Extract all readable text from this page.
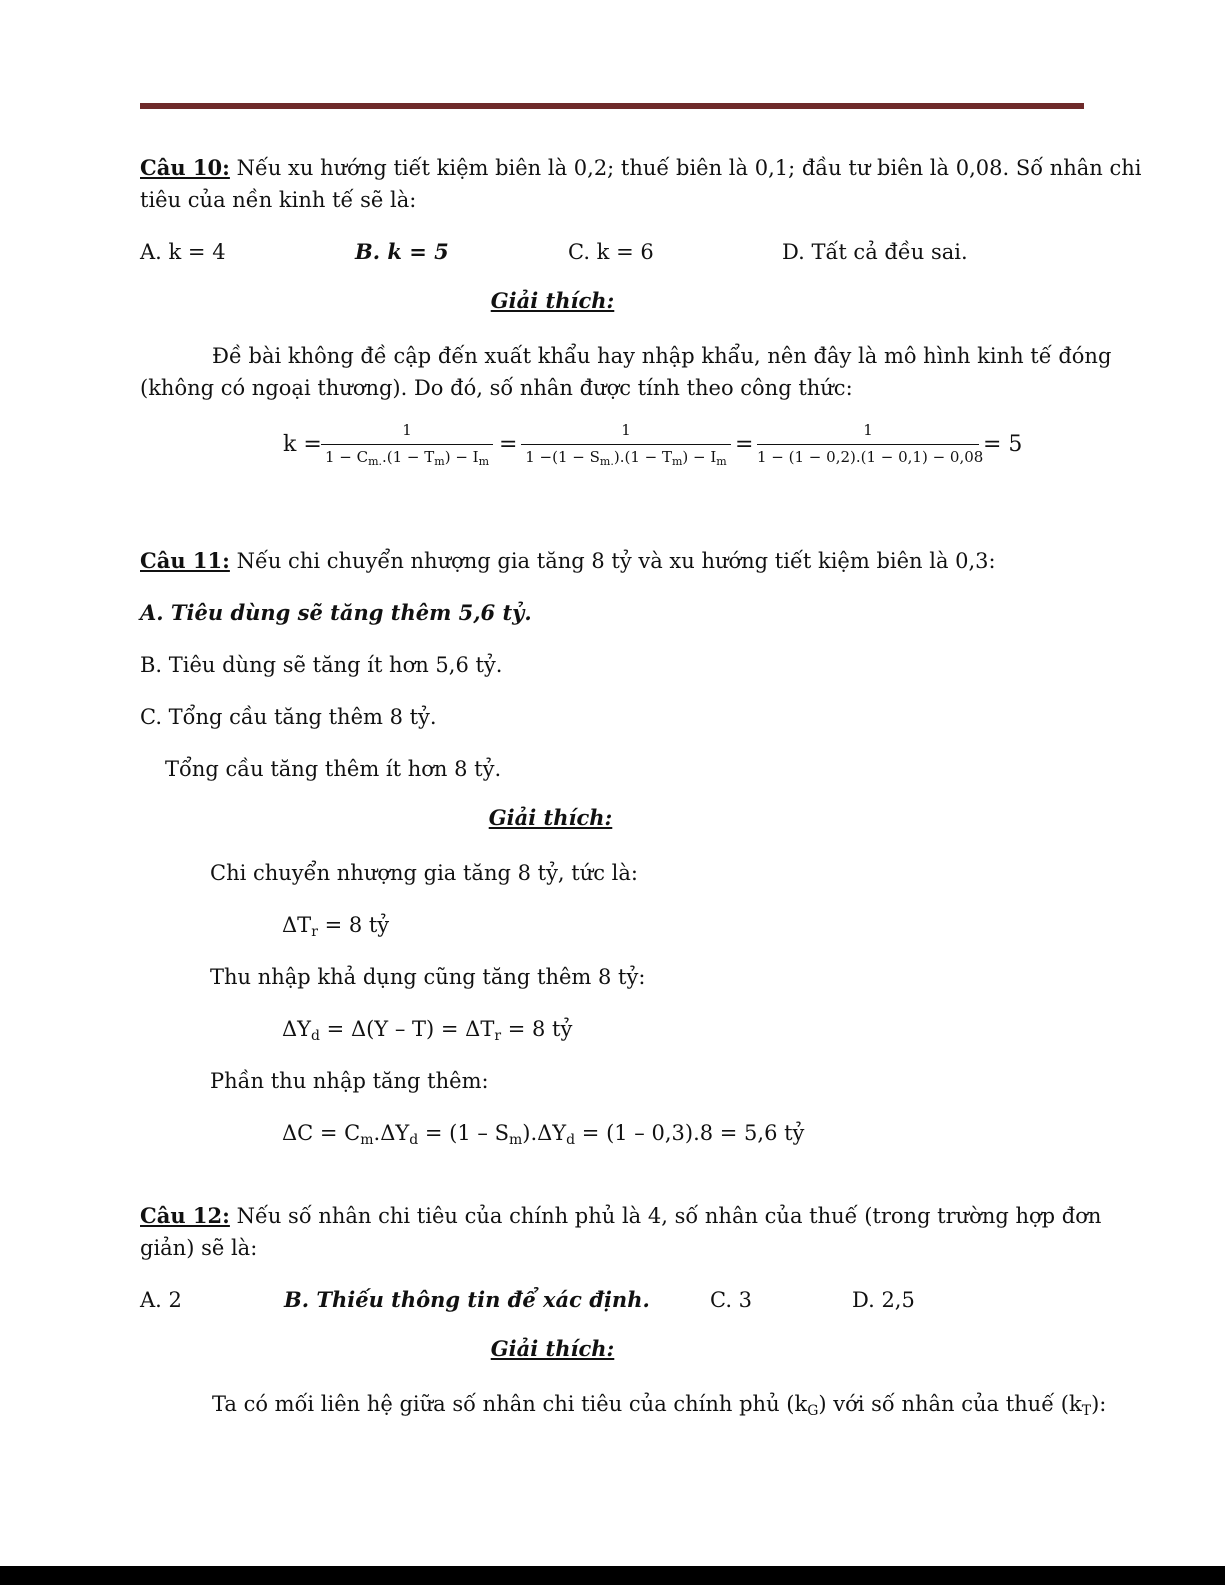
Câu 10: Nếu xu hướng tiết kiệm biên là 0,2; thuế biên là 0,1; đầu tư biên là 0,08. Số nhân chi
tiêu của nền kinh tế sẽ là:
A. k = 4	B. k = 5	C. k = 6	D. Tất cả đều sai.
Giải thích:
Đề bài không đề cập đến xuất khẩu hay nhập khẩu, nên đây là mô hình kinh tế đóng
(không có ngoại thương). Do đó, số nhân được tính theo công thức:
k =
1
$1 - C_{m.}.(1 - T_m) - I_m$
=
1
$1 -(1 - S_{m.}).(1 - T_m) - I_m$
=
1
1 − (1 − 0,2).(1 − 0,1) − 0,08 = 5
Câu 11: Nếu chi chuyển nhượng gia tăng 8 tỷ và xu hướng tiết kiệm biên là 0,3:
A. Tiêu dùng sẽ tăng thêm 5,6 tỷ.
B. Tiêu dùng sẽ tăng ít hơn 5,6 tỷ.
C. Tổng cầu tăng thêm 8 tỷ.
Tổng cầu tăng thêm ít hơn 8 tỷ.
Giải thích:
Chi chuyển nhượng gia tăng 8 tỷ, tức là:
$\Delta T_r = 8$ tỷ
Thu nhập khả dụng cũng tăng thêm 8 tỷ:
$\Delta Y_d = \Delta(Y - T) = \Delta T_r = 8$ tỷ
Phần thu nhập tăng thêm:
$\Delta C = C_m.\Delta Y_d = (1 - S_m).\Delta Y_d = (1 - 0,3).8 = 5,6$ tỷ
Câu 12: Nếu số nhân chi tiêu của chính phủ là 4, số nhân của thuế (trong trường hợp đơn
giản) sẽ là:
A. 2	B. Thiếu thông tin để xác định.	C. 3	D. 2,5
Giải thích:
Ta có mối liên hệ giữa số nhân chi tiêu của chính phủ $(k_G)$ với số nhân của thuế $(k_T)$:
